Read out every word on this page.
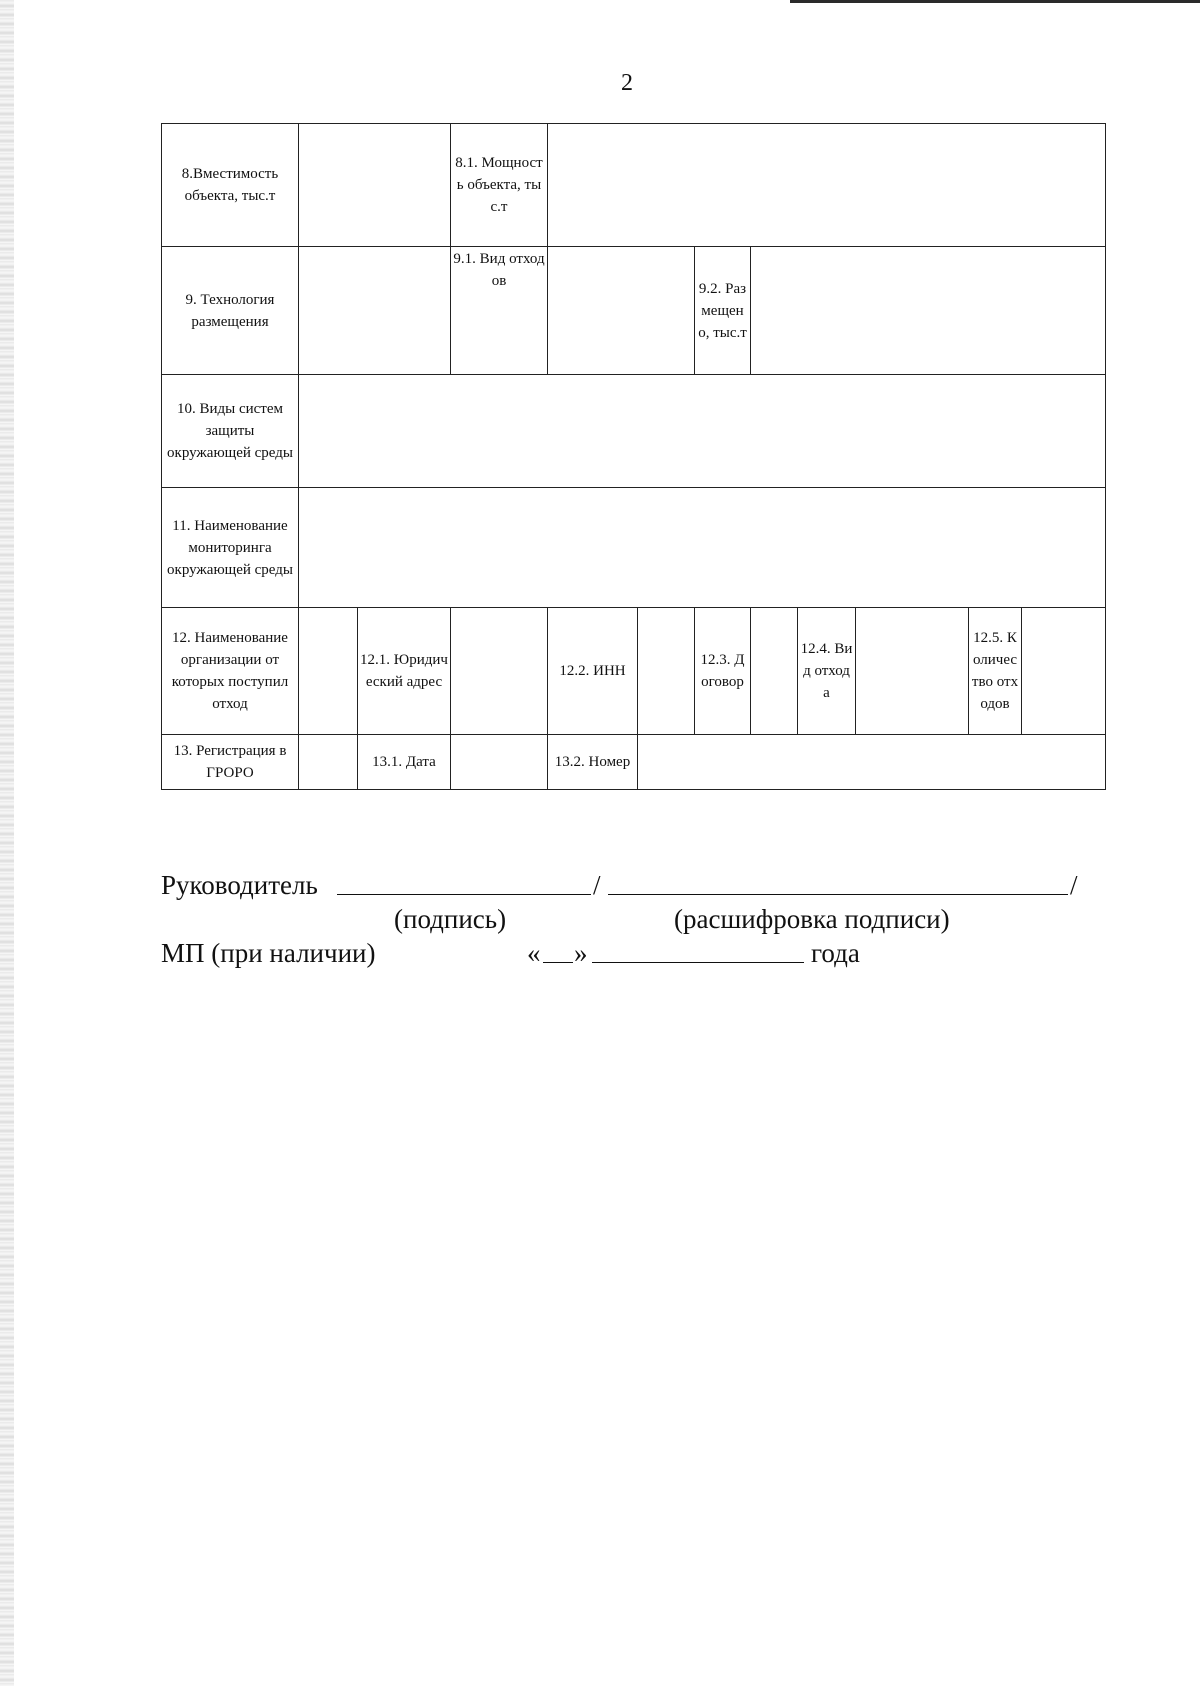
2
8.Вместимость объекта, тыс.т			8.1. Мощность объекта, тыс.т								
9. Технология размещения			9.1. Вид отходов			9.2. Размещено, тыс.т					
10. Виды систем защиты окружающей среды											
11. Наименование мониторинга окружающей среды											
12. Наименование организации от которых поступил отход		12.1. Юридический адрес		12.2. ИНН		12.3. Договор		12.4. Вид отхода		12.5. Количество отходов	
13. Регистрация в ГРОРО		13.1. Дата		13.2. Номер							
Руководитель	/	/
(подпись)	(расшифровка подписи)
МП (при наличии)	« »	года
